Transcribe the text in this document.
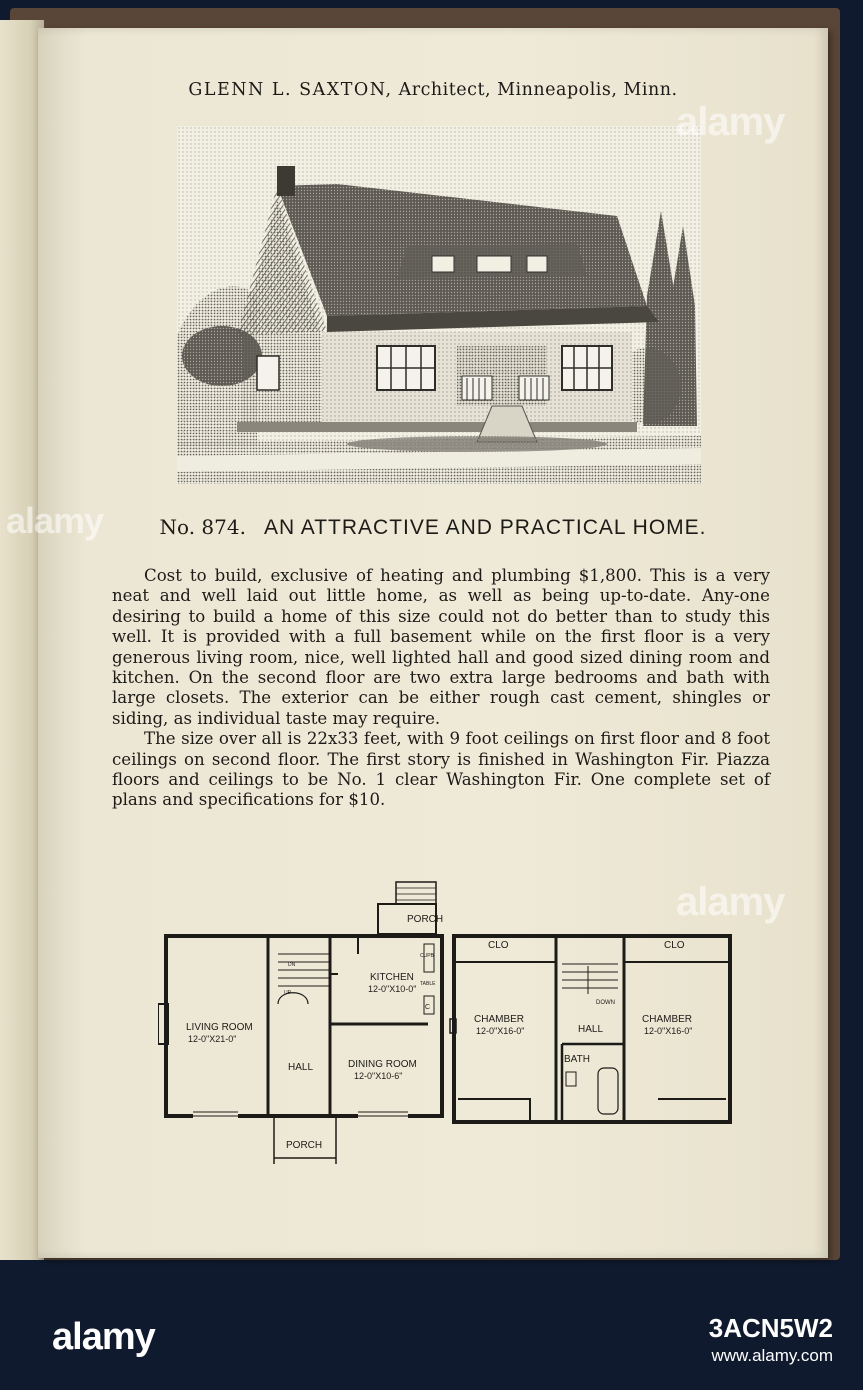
GLENN L. SAXTON, Architect, Minneapolis, Minn.
No. 874. AN ATTRACTIVE AND PRACTICAL HOME.

Cost to build, exclusive of heating and plumbing $1,800. This is a very neat and well laid out little home, as well as being up-to-date. Any-one desiring to build a home of this size could not do better than to study this well. It is provided with a full basement while on the first floor is a very generous living room, nice, well lighted hall and good sized dining room and kitchen. On the second floor are two extra large bedrooms and bath with large closets. The exterior can be either rough cast cement, shingles or siding, as individual taste may require.

The size over all is 22x33 feet, with 9 foot ceilings on first floor and 8 foot ceilings on second floor. The first story is finished in Washington Fir. Piazza floors and ceilings to be No. 1 clear Washington Fir. One complete set of plans and specifications for $10.

PORCH
KITCHEN
12-0"X10-0"
CUPB
TABLE
C
DN
UP
LIVING ROOM
12-0"X21-0"
HALL	DINING ROOM
12-0"X10-6"
PORCH
CLO	CLO
CHAMBER
12-0"X16-0"	HALL
DOWN
CHAMBER
12-0"X16-0"
BATH
alamy
alamy
alamy
alamy	3ACN5W2
www.alamy.com
